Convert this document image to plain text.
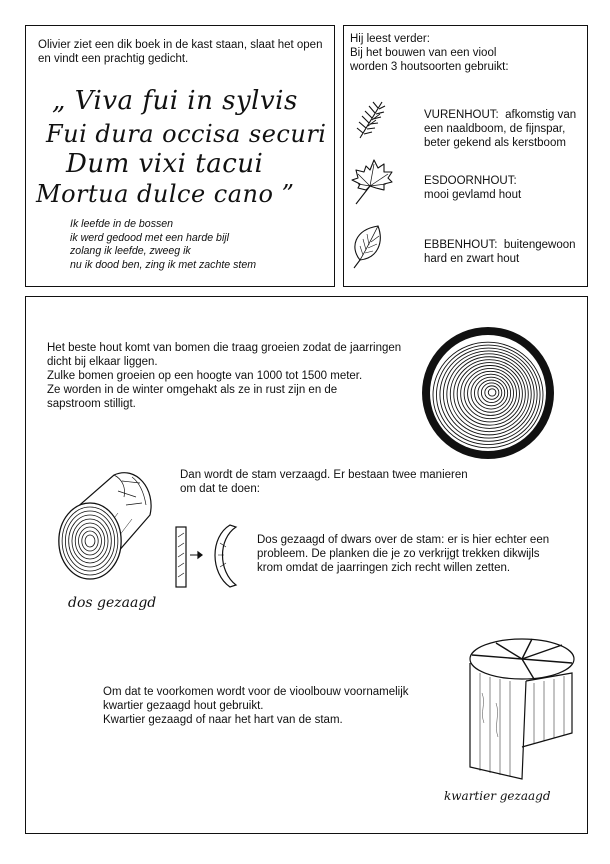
Olivier ziet een dik boek in de kast staan, slaat het open

en vindt een prachtig gedicht.

„ Viva fui in sylvis
Fui dura occisa securi
Dum vixi tacui
Mortua dulce cano ”
Ik leefde in de bossen
ik werd gedood met een harde bijl
zolang ik leefde, zweeg ik
nu ik dood ben, zing ik met zachte stem

Hij leest verder:

Bij het bouwen van een viool

worden 3 houtsoorten gebruikt:

VURENHOUT: afkomstig van

een naaldboom, de fijnspar,

beter gekend als kerstboom

ESDOORNHOUT:

mooi gevlamd hout

EBBENHOUT: buitengewoon

hard en zwart hout

Het beste hout komt van bomen die traag groeien zodat de jaarringen

dicht bij elkaar liggen.

Zulke bomen groeien op een hoogte van 1000 tot 1500 meter.

Ze worden in de winter omgehakt als ze in rust zijn en de

sapstroom stilligt.

Dan wordt de stam verzaagd. Er bestaan twee manieren

om dat te doen:

Dos gezaagd of dwars over de stam: er is hier echter een

probleem. De planken die je zo verkrijgt trekken dikwijls

krom omdat de jaarringen zich recht willen zetten.

dos gezaagd

Om dat te voorkomen wordt voor de vioolbouw voornamelijk

kwartier gezaagd hout gebruikt.

Kwartier gezaagd of naar het hart van de stam.

kwartier gezaagd
